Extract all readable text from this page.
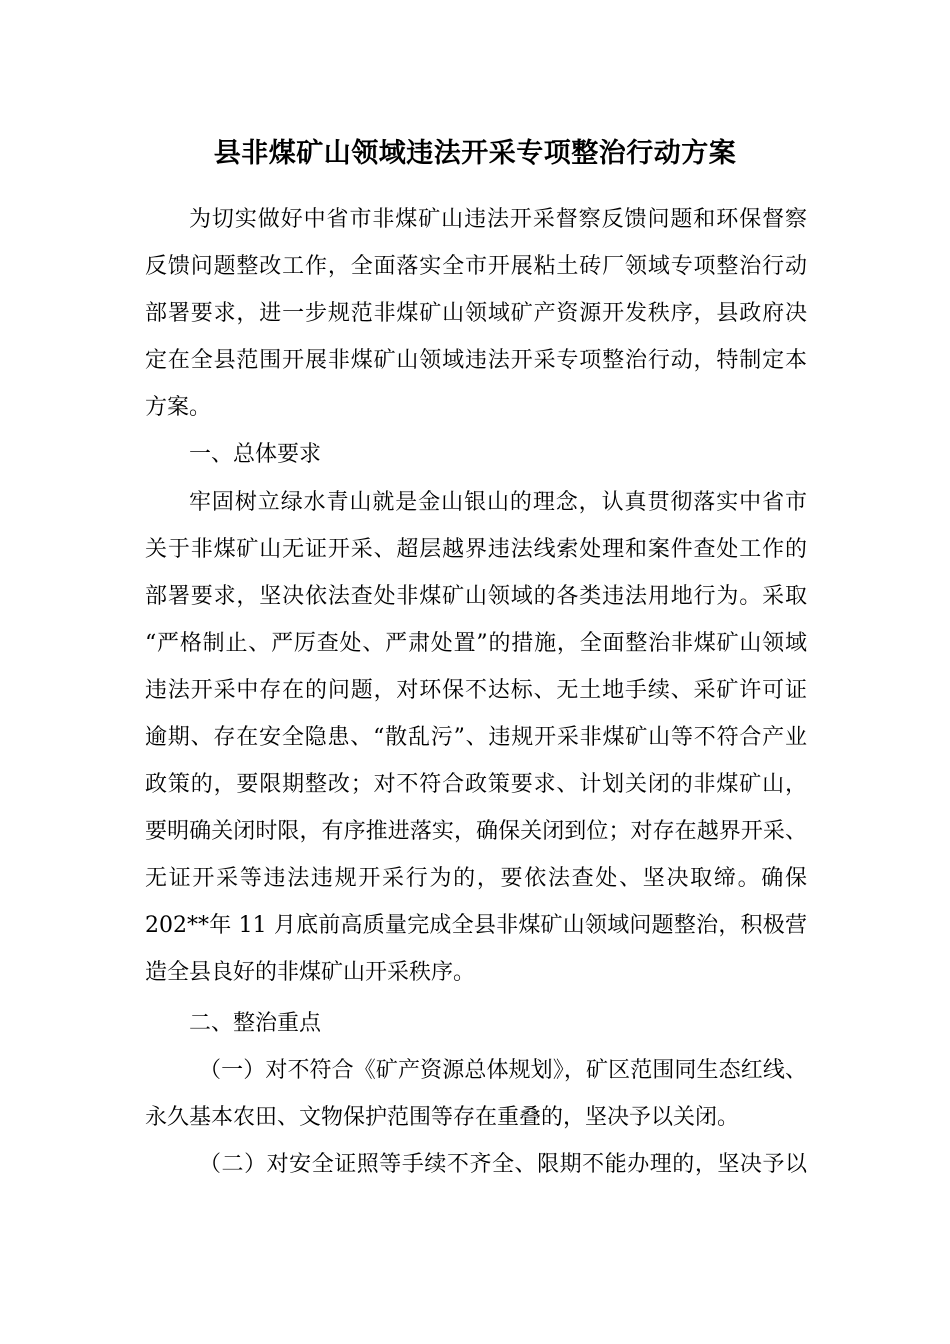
县非煤矿山领域违法开采专项整治行动方案
为切实做好中省市非煤矿山违法开采督察反馈问题和环保督察
反馈问题整改工作，全面落实全市开展粘土砖厂领域专项整治行动
部署要求，进一步规范非煤矿山领域矿产资源开发秩序，县政府决
定在全县范围开展非煤矿山领域违法开采专项整治行动，特制定本
方案。
一、总体要求
牢固树立绿水青山就是金山银山的理念，认真贯彻落实中省市
关于非煤矿山无证开采、超层越界违法线索处理和案件查处工作的
部署要求，坚决依法查处非煤矿山领域的各类违法用地行为。采取
“严格制止、严厉查处、严肃处置”的措施，全面整治非煤矿山领域
违法开采中存在的问题，对环保不达标、无土地手续、采矿许可证
逾期、存在安全隐患、“散乱污”、违规开采非煤矿山等不符合产业
政策的，要限期整改；对不符合政策要求、计划关闭的非煤矿山，
要明确关闭时限，有序推进落实，确保关闭到位；对存在越界开采、
无证开采等违法违规开采行为的，要依法查处、坚决取缔。确保
202**年 11 月底前高质量完成全县非煤矿山领域问题整治，积极营
造全县良好的非煤矿山开采秩序。
二、整治重点
（一）对不符合《矿产资源总体规划》，矿区范围同生态红线、
永久基本农田、文物保护范围等存在重叠的，坚决予以关闭。
（二）对安全证照等手续不齐全、限期不能办理的，坚决予以
